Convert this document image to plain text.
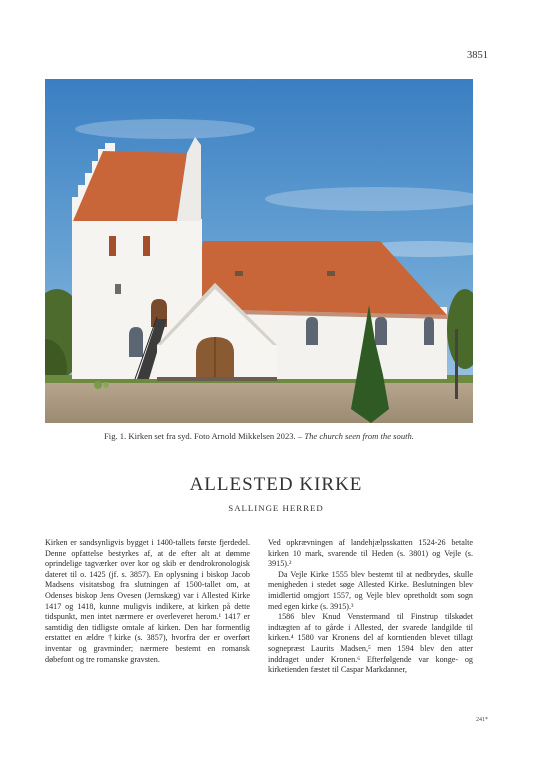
3851
Fig. 1. Kirken set fra syd. Foto Arnold Mikkelsen 2023. – The church seen from the south.
ALLESTED KIRKE
SALLINGE HERRED

Kirken er sandsynligvis bygget i 1400-tallets første fjerdedel. Denne opfattelse bestyrkes af, at de efter alt at dømme oprindelige tagværker over kor og skib er dendrokronologisk dateret til o. 1425 (jf. s. 3857). En oplysning i biskop Jacob Madsens visitatsbog fra slutningen af 1500-tallet om, at Odenses biskop Jens Ovesen (Jernskæg) var i Allested Kirke 1417 og 1418, kunne muligvis indikere, at kirken på dette tidspunkt, men intet nærmere er overleveret herom.¹ 1417 er samtidig den tidligste omtale af kirken. Den har formentlig erstattet en ældre †kirke (s. 3857), hvorfra der er overført inventar og gravminder; nærmere bestemt en romansk døbefont og tre romanske gravsten.

Ved opkrævningen af landehjælpsskatten 1524-26 betalte kirken 10 mark, svarende til Heden (s. 3801) og Vejle (s. 3915).²

Da Vejle Kirke 1555 blev bestemt til at nedbrydes, skulle menigheden i stedet søge Allested Kirke. Beslutningen blev imidlertid omgjort 1557, og Vejle blev opretholdt som sogn med egen kirke (s. 3915).³

1586 blev Knud Venstermand til Finstrup tilskødet indtægten af to gårde i Allested, der svarede landgilde til kirken.⁴ 1580 var Kronens del af korntienden blevet tillagt sognepræst Laurits Madsen,⁵ men 1594 blev den atter inddraget under Kronen.⁶ Efterfølgende var konge- og kirketienden fæstet til Caspar Markdanner,

241*
